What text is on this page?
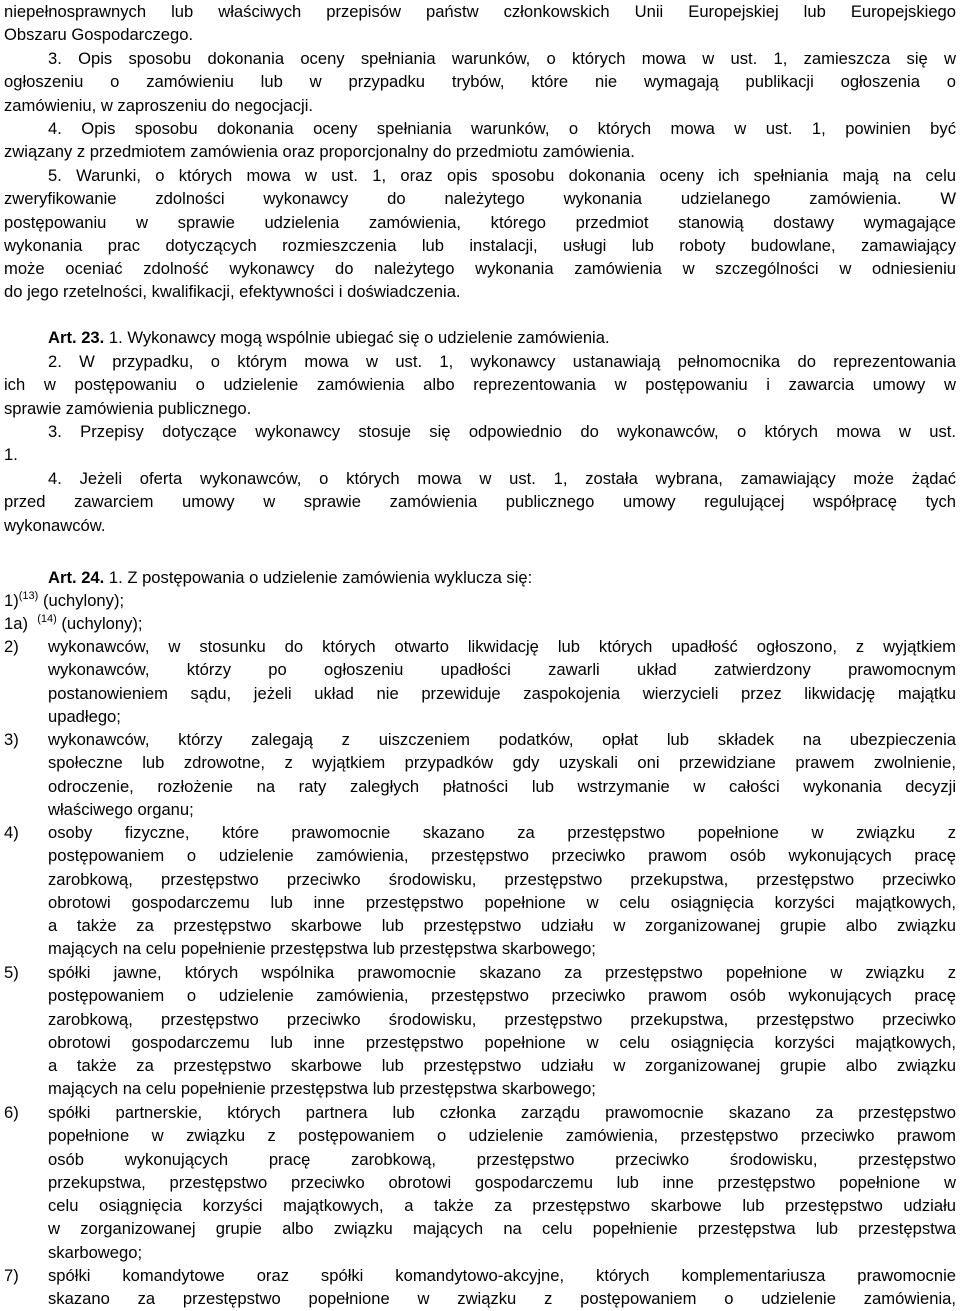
niepełnosprawnych lub właściwych przepisów państw członkowskich Unii Europejskiej lub Europejskiego
Obszaru Gospodarczego.
3. Opis sposobu dokonania oceny spełniania warunków, o których mowa w ust. 1, zamieszcza się w
ogłoszeniu o zamówieniu lub w przypadku trybów, które nie wymagają publikacji ogłoszenia o
zamówieniu, w zaproszeniu do negocjacji.
4. Opis sposobu dokonania oceny spełniania warunków, o których mowa w ust. 1, powinien być
związany z przedmiotem zamówienia oraz proporcjonalny do przedmiotu zamówienia.
5. Warunki, o których mowa w ust. 1, oraz opis sposobu dokonania oceny ich spełniania mają na celu
zweryfikowanie zdolności wykonawcy do należytego wykonania udzielanego zamówienia. W
postępowaniu w sprawie udzielenia zamówienia, którego przedmiot stanowią dostawy wymagające
wykonania prac dotyczących rozmieszczenia lub instalacji, usługi lub roboty budowlane, zamawiający
może oceniać zdolność wykonawcy do należytego wykonania zamówienia w szczególności w odniesieniu
do jego rzetelności, kwalifikacji, efektywności i doświadczenia.
Art. 23. 1. Wykonawcy mogą wspólnie ubiegać się o udzielenie zamówienia.
2. W przypadku, o którym mowa w ust. 1, wykonawcy ustanawiają pełnomocnika do reprezentowania
ich w postępowaniu o udzielenie zamówienia albo reprezentowania w postępowaniu i zawarcia umowy w
sprawie zamówienia publicznego.
3. Przepisy dotyczące wykonawcy stosuje się odpowiednio do wykonawców, o których mowa w ust.
1.
4. Jeżeli oferta wykonawców, o których mowa w ust. 1, została wybrana, zamawiający może żądać
przed zawarciem umowy w sprawie zamówienia publicznego umowy regulującej współpracę tych
wykonawców.
Art. 24. 1. Z postępowania o udzielenie zamówienia wyklucza się:
1)$^{(13)}$ (uchylony);
1a) $^{(14)}$ (uchylony);
2) wykonawców, w stosunku do których otwarto likwidację lub których upadłość ogłoszono, z wyjątkiem
wykonawców, którzy po ogłoszeniu upadłości zawarli układ zatwierdzony prawomocnym
postanowieniem sądu, jeżeli układ nie przewiduje zaspokojenia wierzycieli przez likwidację majątku
upadłego;
3) wykonawców, którzy zalegają z uiszczeniem podatków, opłat lub składek na ubezpieczenia
społeczne lub zdrowotne, z wyjątkiem przypadków gdy uzyskali oni przewidziane prawem zwolnienie,
odroczenie, rozłożenie na raty zaległych płatności lub wstrzymanie w całości wykonania decyzji
właściwego organu;
4) osoby fizyczne, które prawomocnie skazano za przestępstwo popełnione w związku z
postępowaniem o udzielenie zamówienia, przestępstwo przeciwko prawom osób wykonujących pracę
zarobkową, przestępstwo przeciwko środowisku, przestępstwo przekupstwa, przestępstwo przeciwko
obrotowi gospodarczemu lub inne przestępstwo popełnione w celu osiągnięcia korzyści majątkowych,
a także za przestępstwo skarbowe lub przestępstwo udziału w zorganizowanej grupie albo związku
mających na celu popełnienie przestępstwa lub przestępstwa skarbowego;
5) spółki jawne, których wspólnika prawomocnie skazano za przestępstwo popełnione w związku z
postępowaniem o udzielenie zamówienia, przestępstwo przeciwko prawom osób wykonujących pracę
zarobkową, przestępstwo przeciwko środowisku, przestępstwo przekupstwa, przestępstwo przeciwko
obrotowi gospodarczemu lub inne przestępstwo popełnione w celu osiągnięcia korzyści majątkowych,
a także za przestępstwo skarbowe lub przestępstwo udziału w zorganizowanej grupie albo związku
mających na celu popełnienie przestępstwa lub przestępstwa skarbowego;
6) spółki partnerskie, których partnera lub członka zarządu prawomocnie skazano za przestępstwo
popełnione w związku z postępowaniem o udzielenie zamówienia, przestępstwo przeciwko prawom
osób wykonujących pracę zarobkową, przestępstwo przeciwko środowisku, przestępstwo
przekupstwa, przestępstwo przeciwko obrotowi gospodarczemu lub inne przestępstwo popełnione w
celu osiągnięcia korzyści majątkowych, a także za przestępstwo skarbowe lub przestępstwo udziału
w zorganizowanej grupie albo związku mających na celu popełnienie przestępstwa lub przestępstwa
skarbowego;
7) spółki komandytowe oraz spółki komandytowo-akcyjne, których komplementariusza prawomocnie
skazano za przestępstwo popełnione w związku z postępowaniem o udzielenie zamówienia,
